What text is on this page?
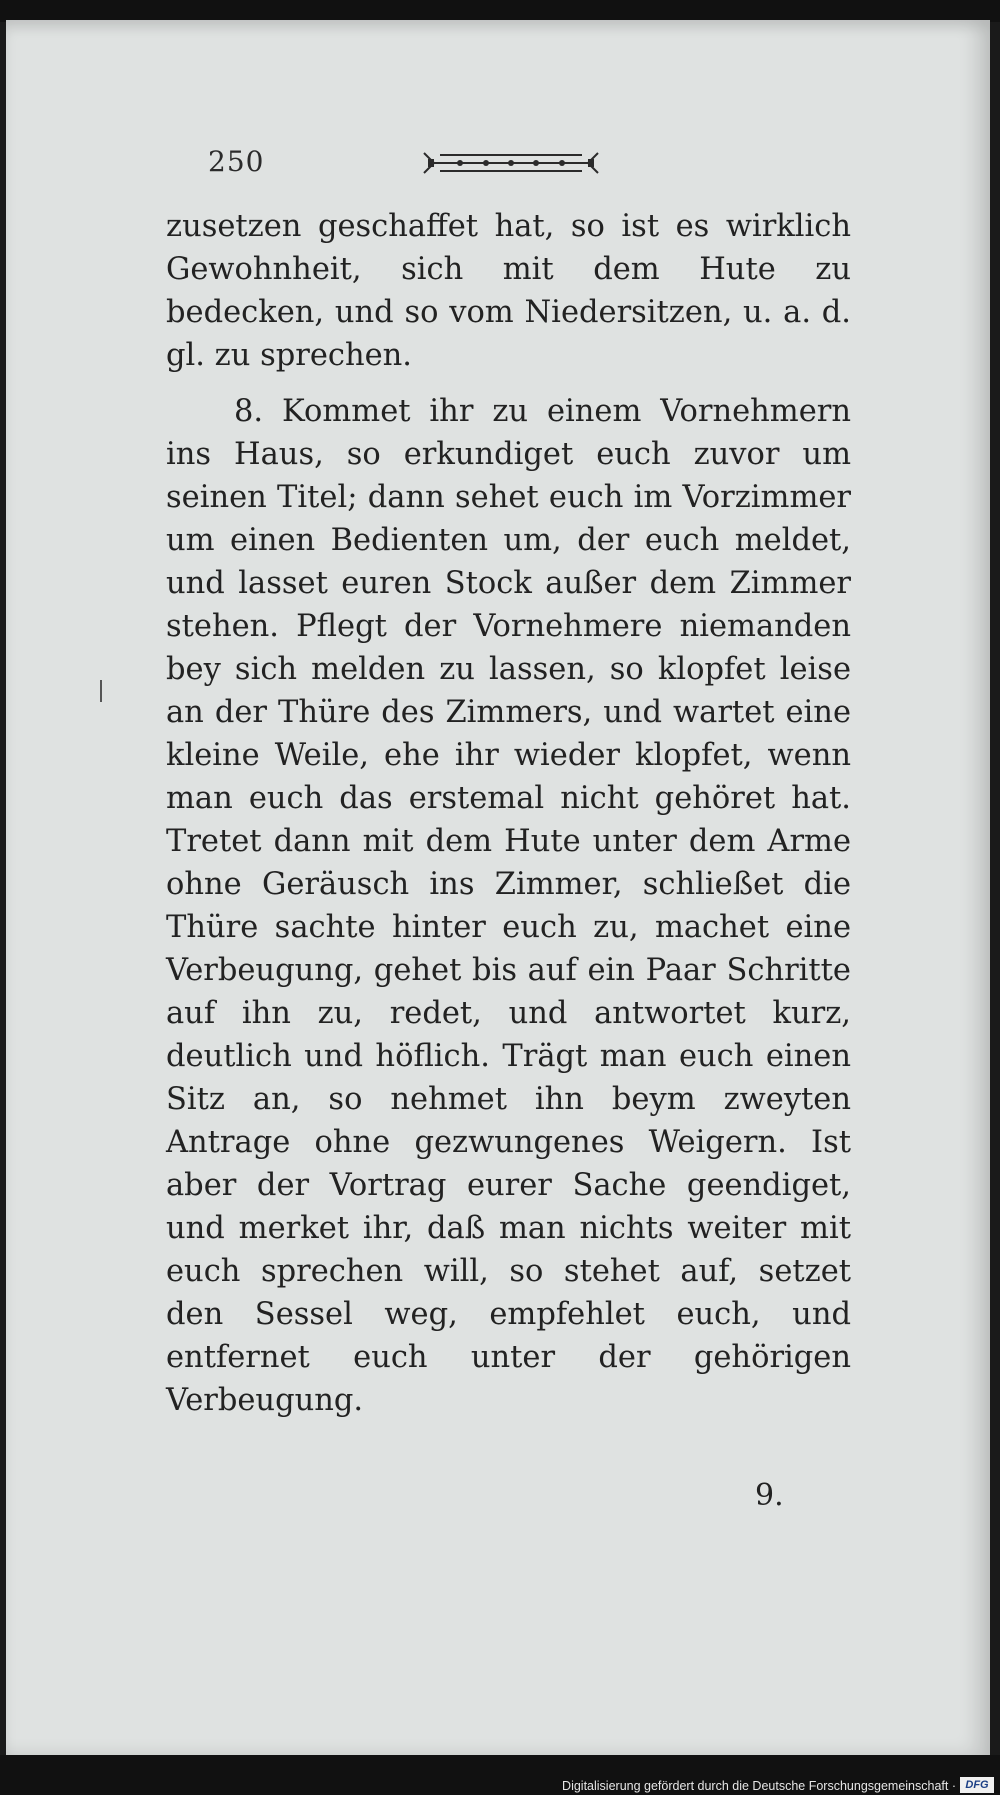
250

zusetzen geschaffet hat, so ist es wirklich Gewohnheit, sich mit dem Hute zu bedecken, und so vom Niedersitzen, u. a. d. gl. zu sprechen.

8. Kommet ihr zu einem Vornehmern ins Haus, so erkundiget euch zuvor um seinen Titel; dann sehet euch im Vorzimmer um einen Bedienten um, der euch meldet, und lasset euren Stock außer dem Zimmer stehen. Pflegt der Vornehmere niemanden bey sich melden zu lassen, so klopfet leise an der Thüre des Zimmers, und wartet eine kleine Weile, ehe ihr wieder klopfet, wenn man euch das erstemal nicht gehöret hat. Tretet dann mit dem Hute unter dem Arme ohne Geräusch ins Zimmer, schließet die Thüre sachte hinter euch zu, machet eine Verbeugung, gehet bis auf ein Paar Schritte auf ihn zu, redet, und antwortet kurz, deutlich und höflich. Trägt man euch einen Sitz an, so nehmet ihn beym zweyten Antrage ohne gezwungenes Weigern. Ist aber der Vortrag eurer Sache geendiget, und merket ihr, daß man nichts weiter mit euch sprechen will, so stehet auf, setzet den Sessel weg, empfehlet euch, und entfernet euch unter der gehörigen Verbeugung.

9.
Digitalisierung gefördert durch die Deutsche Forschungsgemeinschaft · DFG
